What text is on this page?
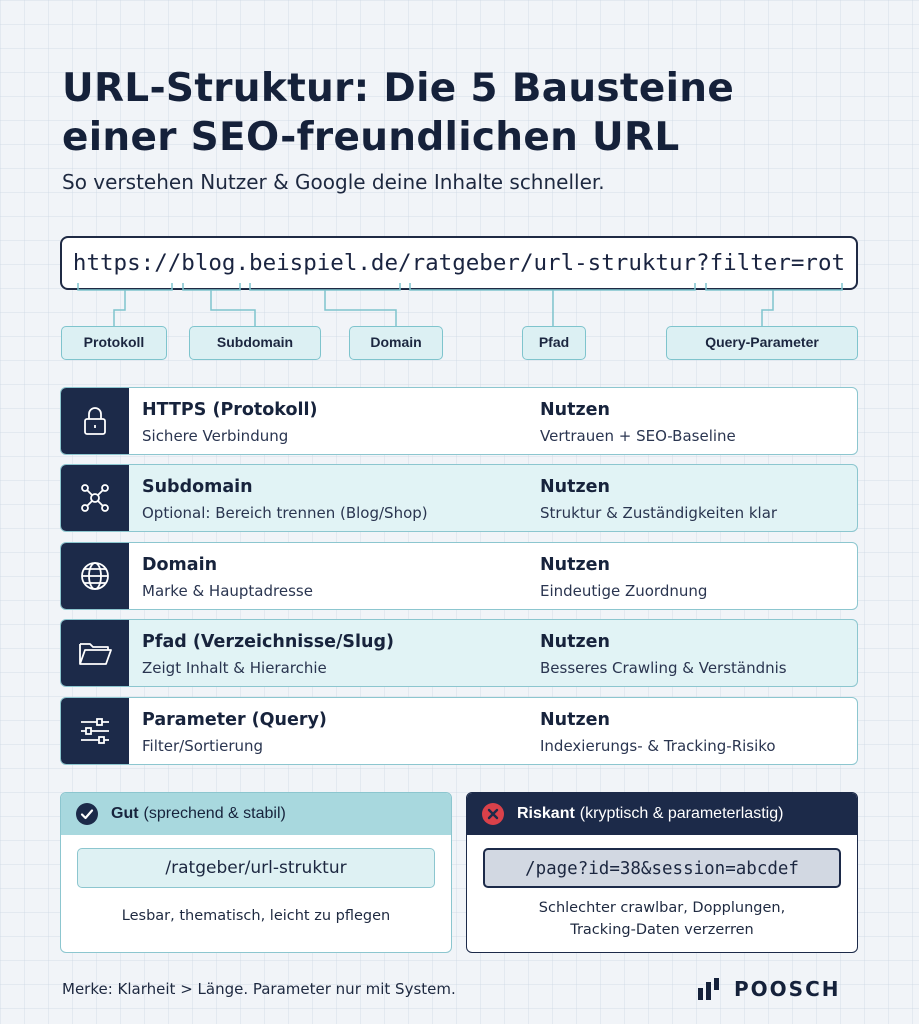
URL-Struktur: Die 5 Bausteine
einer SEO-freundlichen URL
So verstehen Nutzer & Google deine Inhalte schneller.
https://blog.beispiel.de/ratgeber/url-struktur?filter=rot
Protokoll	Subdomain	Domain	Pfad	Query-Parameter
HTTPS (Protokoll)
Sichere Verbindung
Nutzen
Vertrauen + SEO-Baseline
Subdomain
Optional: Bereich trennen (Blog/Shop)
Nutzen
Struktur & Zuständigkeiten klar
Domain
Marke & Hauptadresse
Nutzen
Eindeutige Zuordnung
Pfad (Verzeichnisse/Slug)
Zeigt Inhalt & Hierarchie
Nutzen
Besseres Crawling & Verständnis
Parameter (Query)
Filter/Sortierung
Nutzen
Indexierungs- & Tracking-Risiko
Gut (sprechend & stabil)
/ratgeber/url-struktur
Lesbar, thematisch, leicht zu pflegen
Riskant (kryptisch & parameterlastig)
/page?id=38&session=abcdef
Schlechter crawlbar, Dopplungen,
Tracking-Daten verzerren
Merke: Klarheit > Länge. Parameter nur mit System.	POOSCH
